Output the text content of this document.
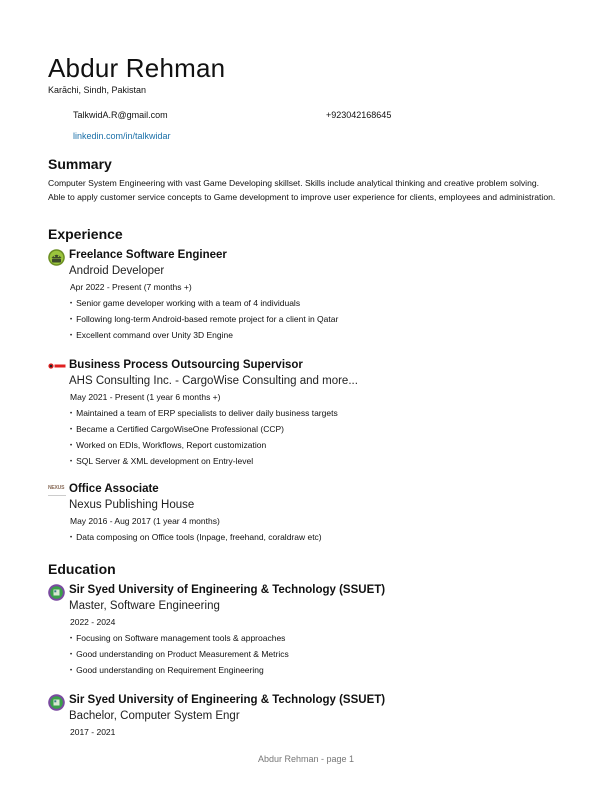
Abdur Rehman
Karāchi, Sindh, Pakistan
TalkwidA.R@gmail.com	+923042168645
linkedin.com/in/talkwidar
Summary
Computer System Engineering with vast Game Developing skillset. Skills include analytical thinking and creative problem solving. Able to apply customer service concepts to Game development to improve user experience for clients, employees and administration.
Experience
Freelance Software Engineer
Android Developer
Apr 2022 - Present (7 months +)
• Senior game developer working with a team of 4 individuals
• Following long-term Android-based remote project for a client in Qatar
• Excellent command over Unity 3D Engine
Business Process Outsourcing Supervisor
AHS Consulting Inc. - CargoWise Consulting and more...
May 2021 - Present (1 year 6 months +)
• Maintained a team of ERP specialists to deliver daily business targets
• Became a Certified CargoWiseOne Professional (CCP)
• Worked on EDIs, Workflows, Report customization
• SQL Server & XML development on Entry-level
NEXUS Office Associate
Nexus Publishing House
May 2016 - Aug 2017 (1 year 4 months)
• Data composing on Office tools (Inpage, freehand, coraldraw etc)
Education
Sir Syed University of Engineering & Technology (SSUET)
Master, Software Engineering
2022 - 2024
• Focusing on Software management tools & approaches
• Good understanding on Product Measurement & Metrics
• Good understanding on Requirement Engineering
Sir Syed University of Engineering & Technology (SSUET)
Bachelor, Computer System Engr
2017 - 2021
Abdur Rehman - page 1
